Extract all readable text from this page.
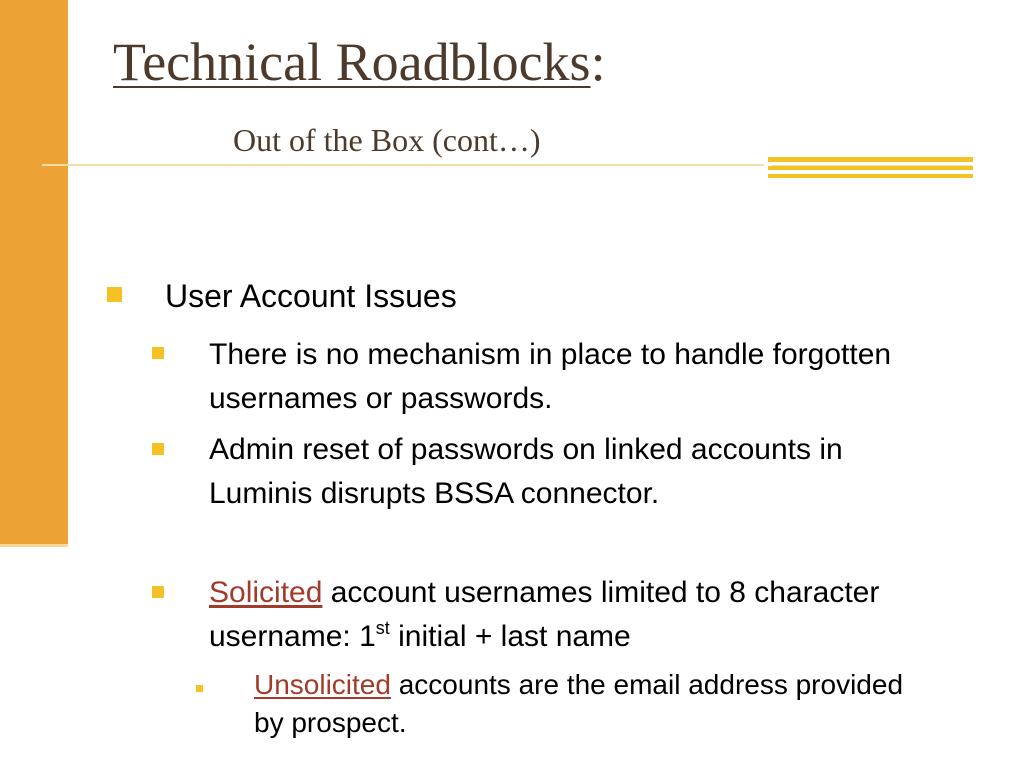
Technical Roadblocks:
Out of the Box (cont…)
User Account Issues
There is no mechanism in place to handle forgotten usernames or passwords.
Admin reset of passwords on linked accounts in Luminis disrupts BSSA connector.
Solicited account usernames limited to 8 character username: 1st initial + last name
Unsolicited accounts are the email address provided by prospect.
